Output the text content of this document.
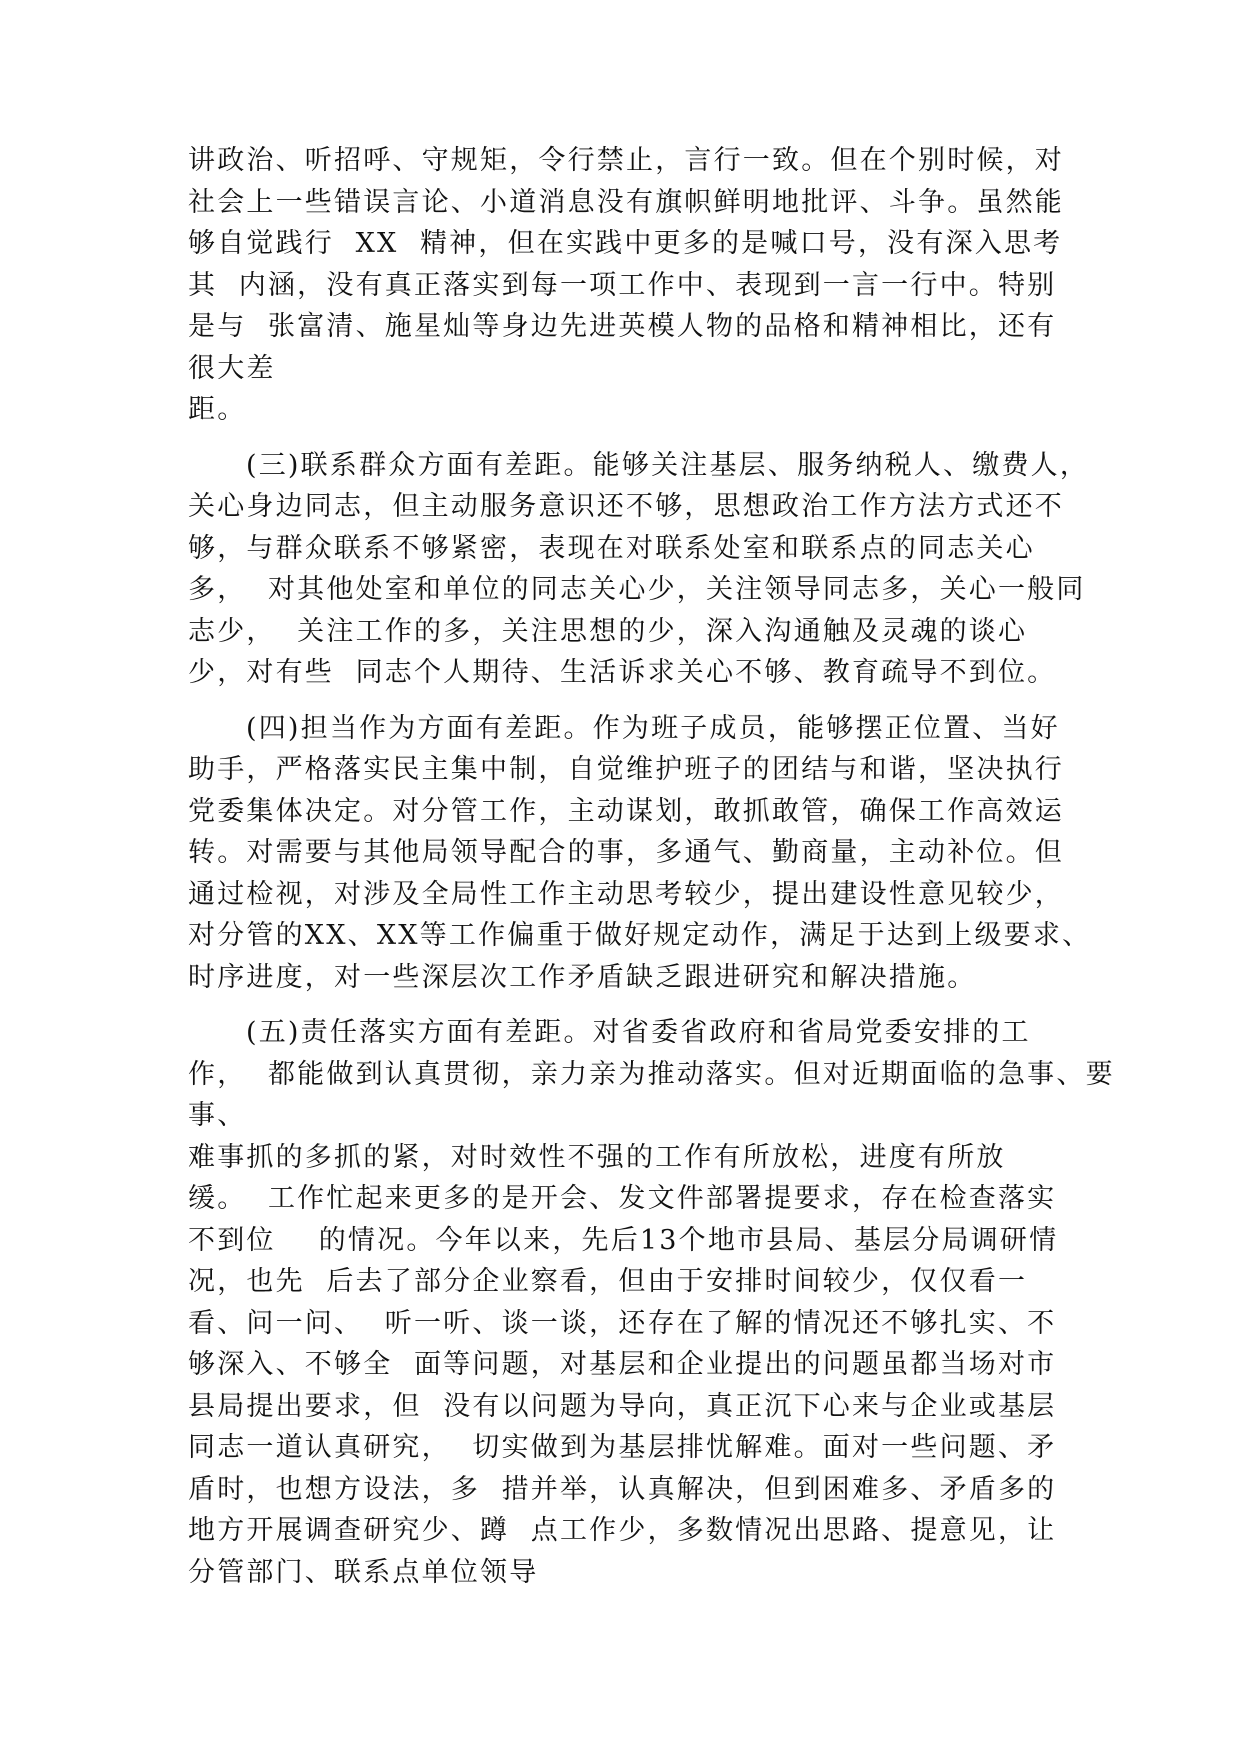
讲政治、听招呼、守规矩，令行禁止，言行一致。但在个别时候，对
社会上一些错误言论、小道消息没有旗帜鲜明地批评、斗争。虽然能
够自觉践行  XX  精神，但在实践中更多的是喊口号，没有深入思考
其  内涵，没有真正落实到每一项工作中、表现到一言一行中。特别
是与  张富清、施星灿等身边先进英模人物的品格和精神相比，还有
很大差
距。
(三)联系群众方面有差距。能够关注基层、服务纳税人、缴费人，
关心身边同志，但主动服务意识还不够，思想政治工作方法方式还不
够，与群众联系不够紧密，表现在对联系处室和联系点的同志关心
多，  对其他处室和单位的同志关心少，关注领导同志多，关心一般同
志少，  关注工作的多，关注思想的少，深入沟通触及灵魂的谈心
少，对有些  同志个人期待、生活诉求关心不够、教育疏导不到位。
(四)担当作为方面有差距。作为班子成员，能够摆正位置、当好
助手，严格落实民主集中制，自觉维护班子的团结与和谐，坚决执行
党委集体决定。对分管工作，主动谋划，敢抓敢管，确保工作高效运
转。对需要与其他局领导配合的事，多通气、勤商量，主动补位。但
通过检视，对涉及全局性工作主动思考较少，提出建设性意见较少，
对分管的XX、XX等工作偏重于做好规定动作，满足于达到上级要求、
时序进度，对一些深层次工作矛盾缺乏跟进研究和解决措施。
(五)责任落实方面有差距。对省委省政府和省局党委安排的工
作，  都能做到认真贯彻，亲力亲为推动落实。但对近期面临的急事、要
事、
难事抓的多抓的紧，对时效性不强的工作有所放松，进度有所放
缓。  工作忙起来更多的是开会、发文件部署提要求，存在检查落实
不到位    的情况。今年以来，先后13个地市县局、基层分局调研情
况，也先  后去了部分企业察看，但由于安排时间较少，仅仅看一
看、问一问、  听一听、谈一谈，还存在了解的情况还不够扎实、不
够深入、不够全  面等问题，对基层和企业提出的问题虽都当场对市
县局提出要求，但  没有以问题为导向，真正沉下心来与企业或基层
同志一道认真研究，  切实做到为基层排忧解难。面对一些问题、矛
盾时，也想方设法，多  措并举，认真解决，但到困难多、矛盾多的
地方开展调查研究少、蹲  点工作少，多数情况出思路、提意见，让
分管部门、联系点单位领导
